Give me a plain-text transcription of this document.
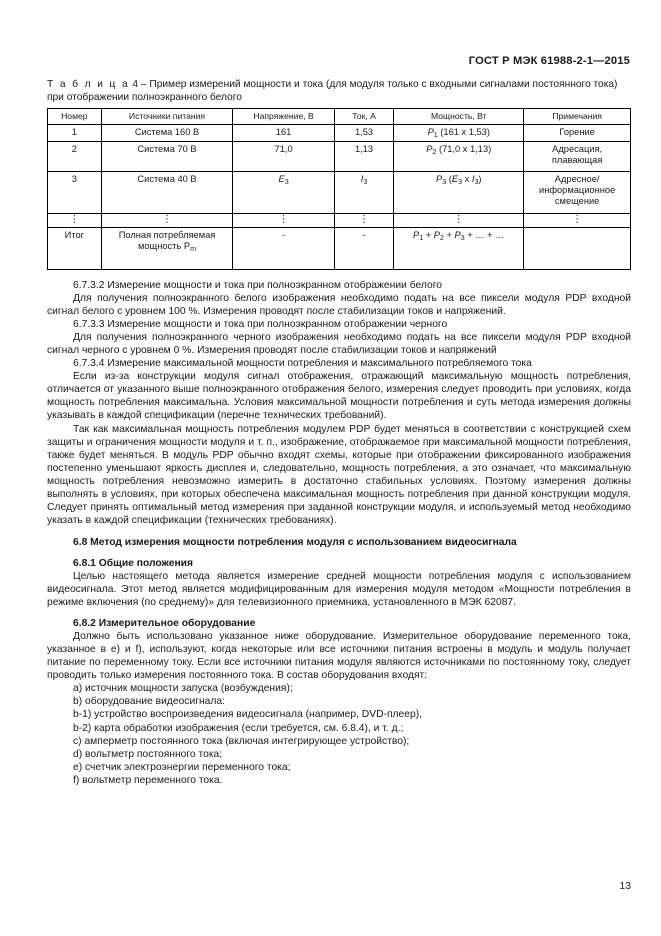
ГОСТ Р МЭК 61988-2-1—2015
Т а б л и ц а 4 – Пример измерений мощности и тока (для модуля только с входными сигналами постоянного тока) при отображении полноэкранного белого
Номер	Источники питания	Напряжение, В	Ток, А	Мощность, Вт	Примечания
1	Система 160 В	161	1,53	$P_1$ (161 x 1,53)	Горение
2	Система 70 В	71,0	1,13	$P_2$ (71,0 x 1,13)	Адресация, плавающая
3	Система 40 В	$E_3$	$I_3$	$P_3$ ($E_3$ x $I_3$)	Адресное/ информационное смещение
⋮	⋮	⋮	⋮	⋮	⋮
Итог	Полная потребляемая мощность $P_m$	-	-	$P_1 + P_2 + P_3$ + … + …	

6.7.3.2 Измерение мощности и тока при полноэкранном отображении белого

Для получения полноэкранного белого изображения необходимо подать на все пиксели модуля PDP входной сигнал белого с уровнем 100 %. Измерения проводят после стабилизации токов и напряжений.

6.7.3.3 Измерение мощности и тока при полноэкранном отображении черного

Для получения полноэкранного черного изображения необходимо подать на все пиксели модуля PDP входной сигнал черного с уровнем 0 %. Измерения проводят после стабилизации токов и напряжений

6.7.3.4 Измерение максимальной мощности потребления и максимального потребляемого тока

Если из-за конструкции модуля сигнал отображения, отражающий максимальную мощность потребления, отличается от указанного выше полноэкранного отображения белого, измерения следует проводить при условиях, когда мощность потребления максимальна. Условия максимальной мощности потребления и суть метода измерения должны указывать в каждой спецификации (перечне технических требований).

Так как максимальная мощность потребления модулем PDP будет меняться в соответствии с конструкцией схем защиты и ограничения мощности модуля и т. п., изображение, отображаемое при максимальной мощности потребления, также будет меняться. В модуль PDP обычно входят схемы, которые при отображении фиксированного изображения постепенно уменьшают яркость дисплея и, следовательно, мощность потребления, а это означает, что максимальную мощность потребления невозможно измерить в достаточно стабильных условиях. Поэтому измерения должны выполнять в условиях, при которых обеспечена максимальная мощность потребления при данной конструкции модуля. Следует принять оптимальный метод измерения при заданной конструкции модуля, и используемый метод необходимо указать в каждой спецификации (технических требованиях).

6.8 Метод измерения мощности потребления модуля с использованием видеосигнала

6.8.1 Общие положения

Целью настоящего метода является измерение средней мощности потребления модуля с использованием видеосигнала. Этот метод является модифицированным для измерения модуля методом «Мощности потребления в режиме включения (по среднему)» для телевизионного приемника, установленного в МЭК 62087.

6.8.2 Измерительное оборудование

Должно быть использовано указанное ниже оборудование. Измерительное оборудование переменного тока, указанное в e) и f), используют, когда некоторые или все источники питания встроены в модуль и модуль получает питание по переменному току. Если все источники питания модуля являются источниками по постоянному току, следует проводить только измерения постоянного тока. В состав оборудования входят:

a) источник мощности запуска (возбуждения);

b) оборудование видеосигнала:

b-1) устройство воспроизведения видеосигнала (например, DVD-плеер),

b-2) карта обработки изображения (если требуется, см. 6.8.4), и т. д.;

c) амперметр постоянного тока (включая интегрирующее устройство);

d) вольтметр постоянного тока;

e) счетчик электроэнергии переменного тока;

f) вольтметр переменного тока.

13
